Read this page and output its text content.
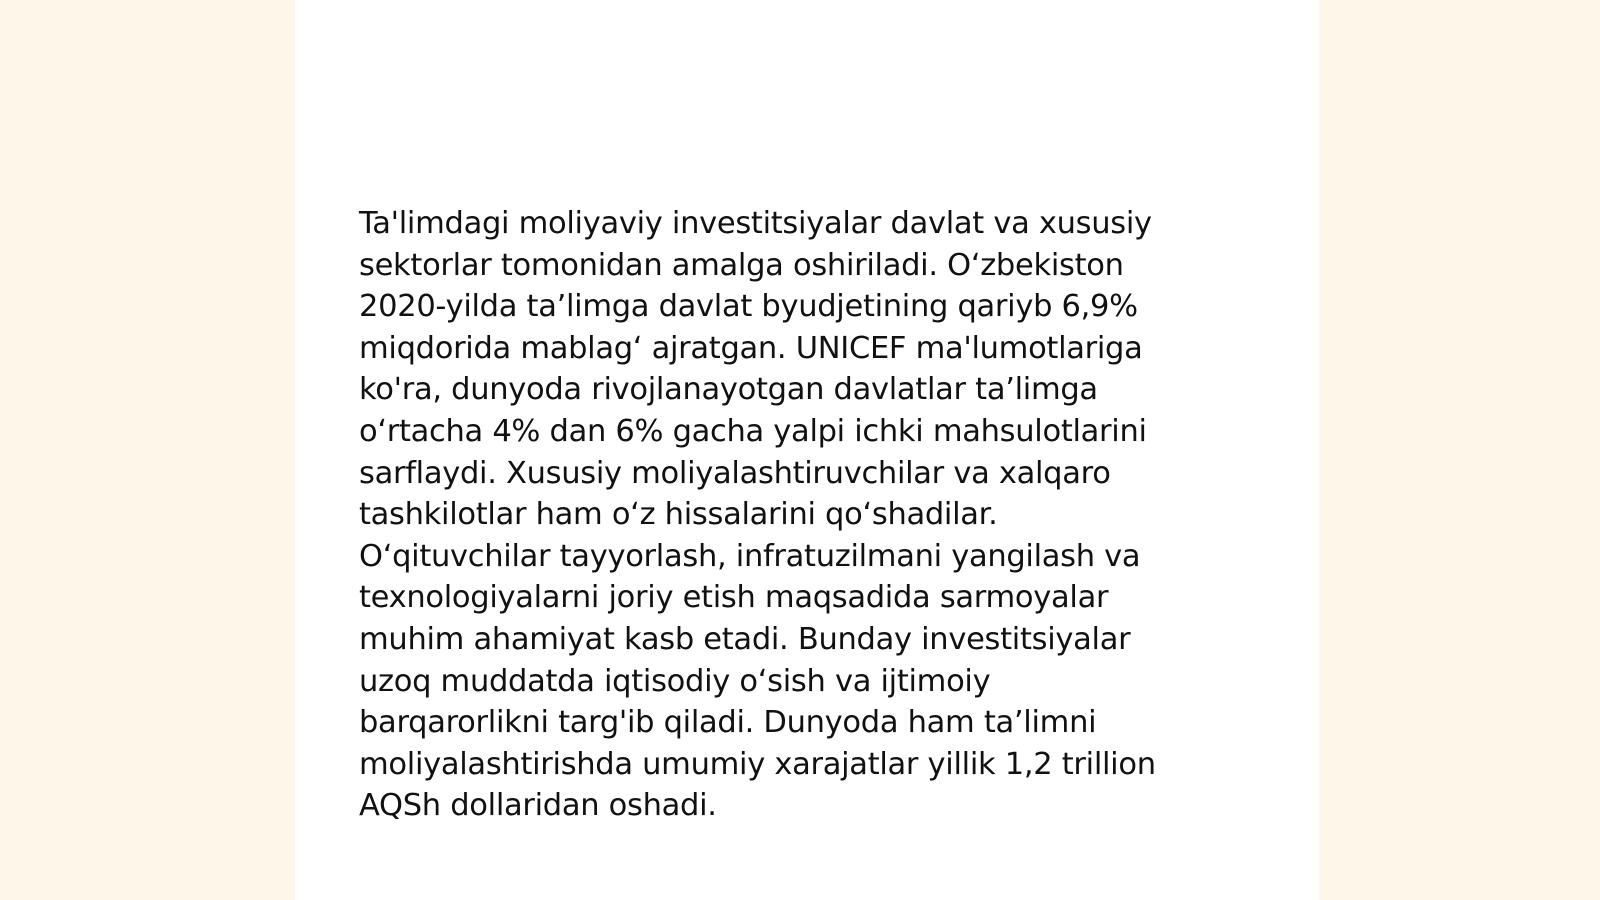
Ta'limdagi moliyaviy investitsiyalar davlat va xususiy
sektorlar tomonidan amalga oshiriladi. O‘zbekiston
2020-yilda ta’limga davlat byudjetining qariyb 6,9%
miqdorida mablag‘ ajratgan. UNICEF ma'lumotlariga
ko'ra, dunyoda rivojlanayotgan davlatlar ta’limga
o‘rtacha 4% dan 6% gacha yalpi ichki mahsulotlarini
sarflaydi. Xususiy moliyalashtiruvchilar va xalqaro
tashkilotlar ham o‘z hissalarini qo‘shadilar.
O‘qituvchilar tayyorlash, infratuzilmani yangilash va
texnologiyalarni joriy etish maqsadida sarmoyalar
muhim ahamiyat kasb etadi. Bunday investitsiyalar
uzoq muddatda iqtisodiy o‘sish va ijtimoiy
barqarorlikni targ'ib qiladi. Dunyoda ham ta’limni
moliyalashtirishda umumiy xarajatlar yillik 1,2 trillion
AQSh dollaridan oshadi.
